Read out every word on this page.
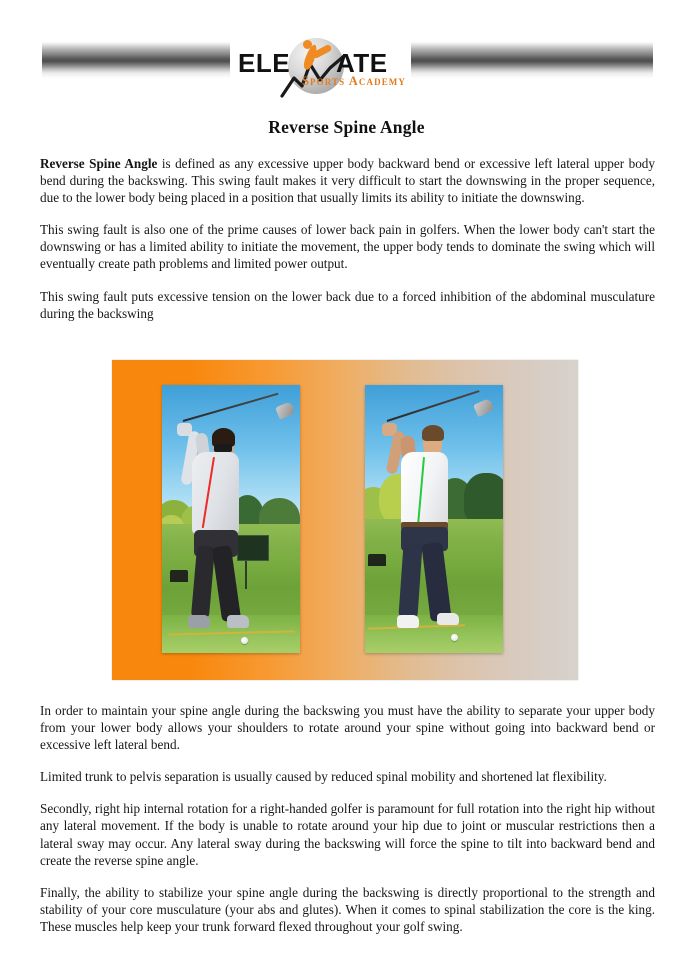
ELE ATE
Sports Academy
Reverse Spine Angle

Reverse Spine Angle is defined as any excessive upper body backward bend or excessive left lateral upper body bend during the backswing. This swing fault makes it very difficult to start the downswing in the proper sequence, due to the lower body being placed in a position that usually limits its ability to initiate the downswing.

This swing fault is also one of the prime causes of lower back pain in golfers. When the lower body can't start the downswing or has a limited ability to initiate the movement, the upper body tends to dominate the swing which will eventually create path problems and limited power output.

This swing fault puts excessive tension on the lower back due to a forced inhibition of the abdominal musculature during the backswing

In order to maintain your spine angle during the backswing you must have the ability to separate your upper body from your lower body allows your shoulders to rotate around your spine without going into backward bend or excessive left lateral bend.

Limited trunk to pelvis separation is usually caused by reduced spinal mobility and shortened lat flexibility.

Secondly, right hip internal rotation for a right-handed golfer is paramount for full rotation into the right hip without any lateral movement. If the body is unable to rotate around your hip due to joint or muscular restrictions then a lateral sway may occur. Any lateral sway during the backswing will force the spine to tilt into backward bend and create the reverse spine angle.

Finally, the ability to stabilize your spine angle during the backswing is directly proportional to the strength and stability of your core musculature (your abs and glutes). When it comes to spinal stabilization the core is the king. These muscles help keep your trunk forward flexed throughout your golf swing.
